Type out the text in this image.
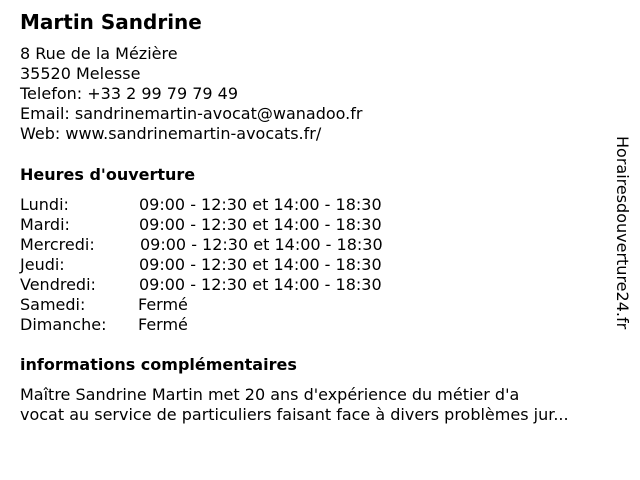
Martin Sandrine
8 Rue de la Mézière
35520 Melesse
Telefon: +33 2 99 79 79 49
Email: sandrinemartin-avocat@wanadoo.fr
Web: www.sandrinemartin-avocats.fr/
Heures d'ouverture
Lundi:	09:00 - 12:30 et 14:00 - 18:30
Mardi:	09:00 - 12:30 et 14:00 - 18:30
Mercredi:	09:00 - 12:30 et 14:00 - 18:30
Jeudi:	09:00 - 12:30 et 14:00 - 18:30
Vendredi:	09:00 - 12:30 et 14:00 - 18:30
Samedi:	Fermé
Dimanche: Fermé
informations complémentaires
Maître Sandrine Martin met 20 ans d'expérience du métier d'a
vocat au service de particuliers faisant face à divers problèmes jur...
Horairesdouverture24.fr
